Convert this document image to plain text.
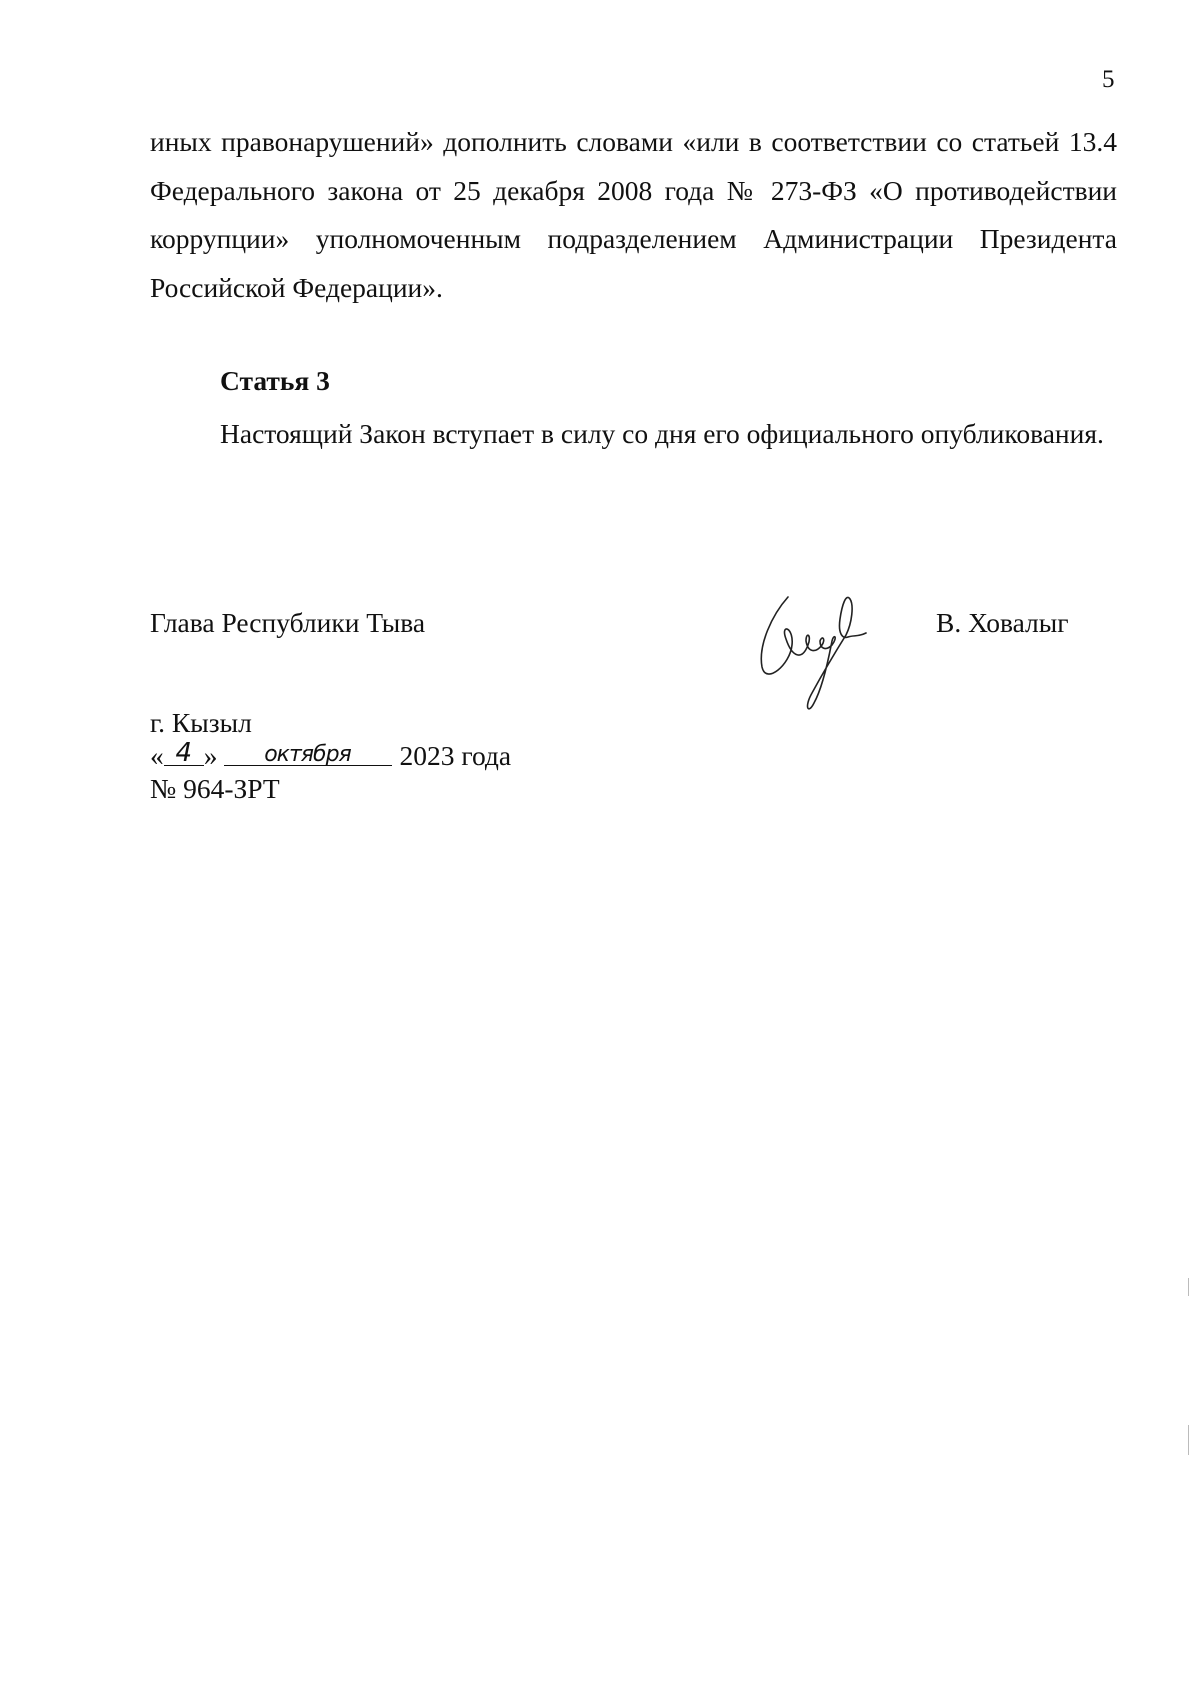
5

иных правонарушений» дополнить словами «или в соответствии со статьей 13.4 Федерального закона от 25 декабря 2008 года № 273-ФЗ «О противодействии коррупции» уполномоченным подразделением Администрации Президента Российской Федерации».

Статья 3

Настоящий Закон вступает в силу со дня его официального опубликования.

Глава Республики Тыва	В. Ховалыг
г. Кызыл
« 4 » октября 2023 года
№ 964-ЗРТ
